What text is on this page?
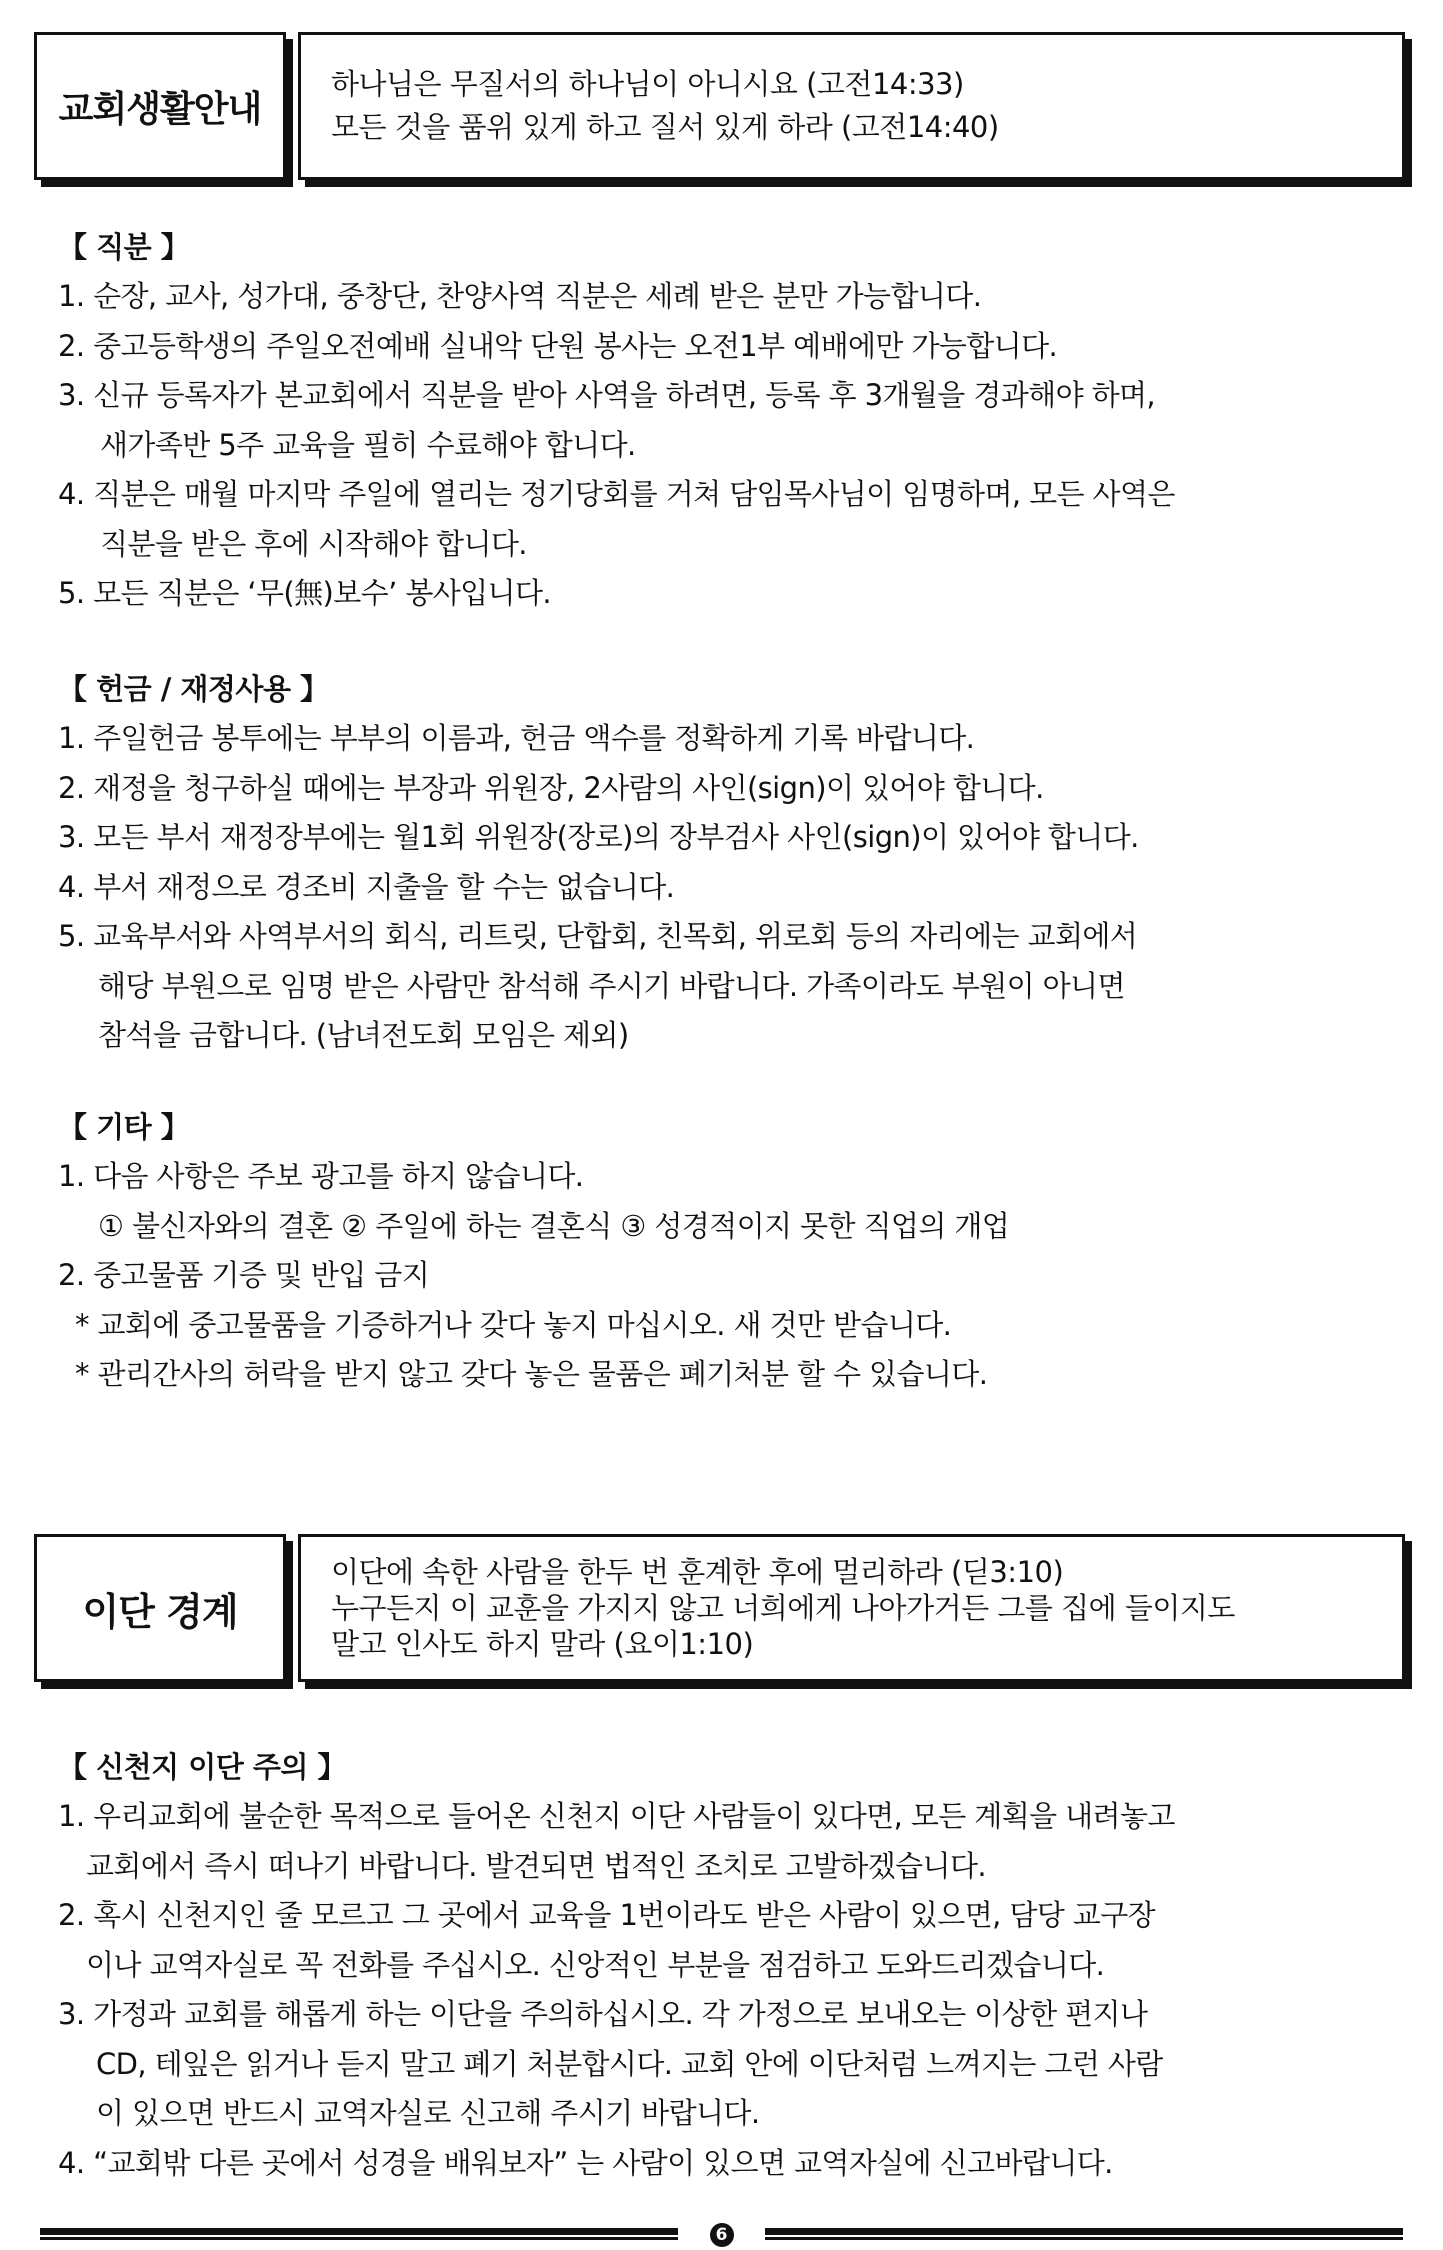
교회생활안내
하나님은 무질서의 하나님이 아니시요 (고전14:33)
모든 것을 품위 있게 하고 질서 있게 하라 (고전14:40)
【 직분 】
1. 순장, 교사, 성가대, 중창단, 찬양사역 직분은 세례 받은 분만 가능합니다.
2. 중고등학생의 주일오전예배 실내악 단원 봉사는 오전1부 예배에만 가능합니다.
3. 신규 등록자가 본교회에서 직분을 받아 사역을 하려면, 등록 후 3개월을 경과해야 하며,
새가족반 5주 교육을 필히 수료해야 합니다.
4. 직분은 매월 마지막 주일에 열리는 정기당회를 거쳐 담임목사님이 임명하며, 모든 사역은
직분을 받은 후에 시작해야 합니다.
5. 모든 직분은 ‘무(無)보수’ 봉사입니다.
【 헌금 / 재정사용 】
1. 주일헌금 봉투에는 부부의 이름과, 헌금 액수를 정확하게 기록 바랍니다.
2. 재정을 청구하실 때에는 부장과 위원장, 2사람의 사인(sign)이 있어야 합니다.
3. 모든 부서 재정장부에는 월1회 위원장(장로)의 장부검사 사인(sign)이 있어야 합니다.
4. 부서 재정으로 경조비 지출을 할 수는 없습니다.
5. 교육부서와 사역부서의 회식, 리트릿, 단합회, 친목회, 위로회 등의 자리에는 교회에서
해당 부원으로 임명 받은 사람만 참석해 주시기 바랍니다. 가족이라도 부원이 아니면
참석을 금합니다. (남녀전도회 모임은 제외)
【 기타 】
1. 다음 사항은 주보 광고를 하지 않습니다.
① 불신자와의 결혼 ② 주일에 하는 결혼식 ③ 성경적이지 못한 직업의 개업
2. 중고물품 기증 및 반입 금지
* 교회에 중고물품을 기증하거나 갖다 놓지 마십시오. 새 것만 받습니다.
* 관리간사의 허락을 받지 않고 갖다 놓은 물품은 폐기처분 할 수 있습니다.
이단 경계
이단에 속한 사람을 한두 번 훈계한 후에 멀리하라 (딛3:10)
누구든지 이 교훈을 가지지 않고 너희에게 나아가거든 그를 집에 들이지도
말고 인사도 하지 말라 (요이1:10)
【 신천지 이단 주의 】
1. 우리교회에 불순한 목적으로 들어온 신천지 이단 사람들이 있다면, 모든 계획을 내려놓고
교회에서 즉시 떠나기 바랍니다. 발견되면 법적인 조치로 고발하겠습니다.
2. 혹시 신천지인 줄 모르고 그 곳에서 교육을 1번이라도 받은 사람이 있으면, 담당 교구장
이나 교역자실로 꼭 전화를 주십시오. 신앙적인 부분을 점검하고 도와드리겠습니다.
3. 가정과 교회를 해롭게 하는 이단을 주의하십시오. 각 가정으로 보내오는 이상한 편지나
CD, 테잎은 읽거나 듣지 말고 폐기 처분합시다. 교회 안에 이단처럼 느껴지는 그런 사람
이 있으면 반드시 교역자실로 신고해 주시기 바랍니다.
4. “교회밖 다른 곳에서 성경을 배워보자” 는 사람이 있으면 교역자실에 신고바랍니다.
6
